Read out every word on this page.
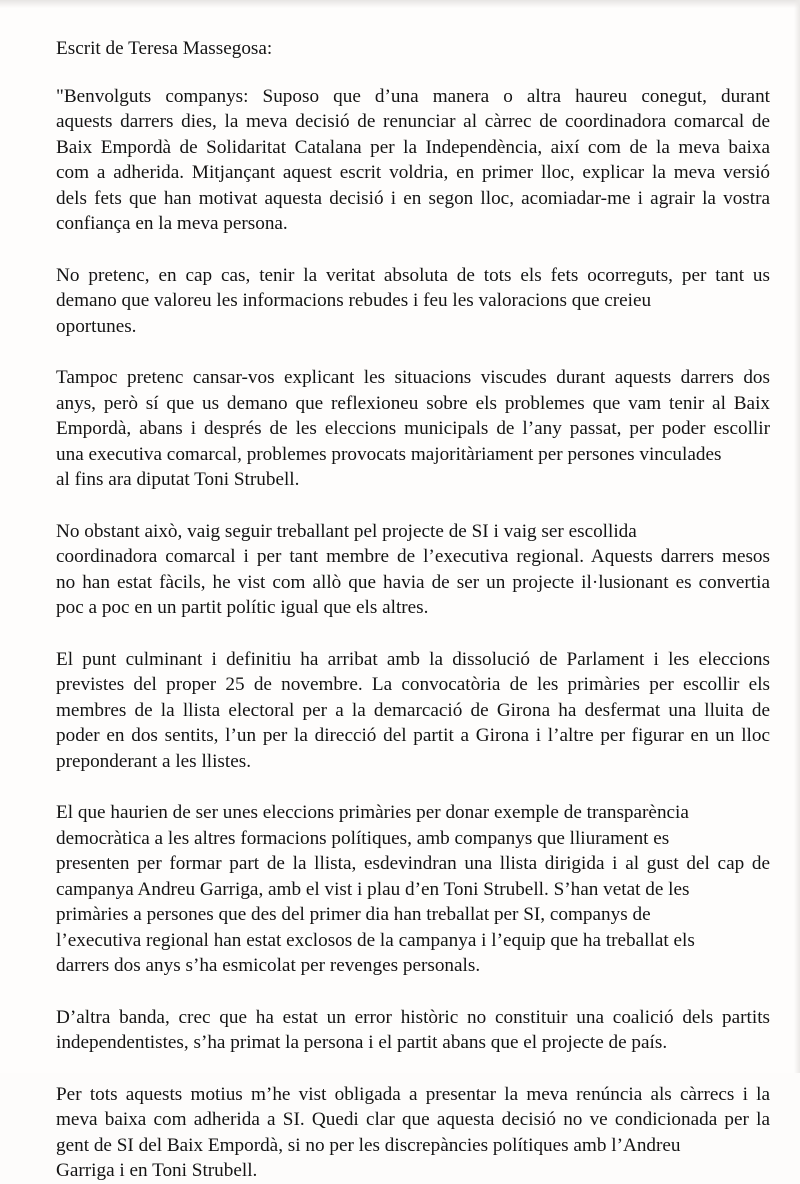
Escrit de Teresa Massegosa:
"Benvolguts companys: Suposo que d’una manera o altra haureu conegut, durant
aquests darrers dies, la meva decisió de renunciar al càrrec de coordinadora comarcal de
Baix Empordà de Solidaritat Catalana per la Independència, així com de la meva baixa
com a adherida. Mitjançant aquest escrit voldria, en primer lloc, explicar la meva versió
dels fets que han motivat aquesta decisió i en segon lloc, acomiadar-me i agrair la vostra
confiança en la meva persona.
No pretenc, en cap cas, tenir la veritat absoluta de tots els fets ocorreguts, per tant us
demano que valoreu les informacions rebudes i feu les valoracions que creieu
oportunes.
Tampoc pretenc cansar-vos explicant les situacions viscudes durant aquests darrers dos
anys, però sí que us demano que reflexioneu sobre els problemes que vam tenir al Baix
Empordà, abans i després de les eleccions municipals de l’any passat, per poder escollir
una executiva comarcal, problemes provocats majoritàriament per persones vinculades
al fins ara diputat Toni Strubell.
No obstant això, vaig seguir treballant pel projecte de SI i vaig ser escollida
coordinadora comarcal i per tant membre de l’executiva regional. Aquests darrers mesos
no han estat fàcils, he vist com allò que havia de ser un projecte il·lusionant es convertia
poc a poc en un partit polític igual que els altres.
El punt culminant i definitiu ha arribat amb la dissolució de Parlament i les eleccions
previstes del proper 25 de novembre. La convocatòria de les primàries per escollir els
membres de la llista electoral per a la demarcació de Girona ha desfermat una lluita de
poder en dos sentits, l’un per la direcció del partit a Girona i l’altre per figurar en un lloc
preponderant a les llistes.
El que haurien de ser unes eleccions primàries per donar exemple de transparència
democràtica a les altres formacions polítiques, amb companys que lliurament es
presenten per formar part de la llista, esdevindran una llista dirigida i al gust del cap de
campanya Andreu Garriga, amb el vist i plau d’en Toni Strubell. S’han vetat de les
primàries a persones que des del primer dia han treballat per SI, companys de
l’executiva regional han estat exclosos de la campanya i l’equip que ha treballat els
darrers dos anys s’ha esmicolat per revenges personals.
D’altra banda, crec que ha estat un error històric no constituir una coalició dels partits
independentistes, s’ha primat la persona i el partit abans que el projecte de país.
Per tots aquests motius m’he vist obligada a presentar la meva renúncia als càrrecs i la
meva baixa com adherida a SI. Quedi clar que aquesta decisió no ve condicionada per la
gent de SI del Baix Empordà, si no per les discrepàncies polítiques amb l’Andreu
Garriga i en Toni Strubell.
